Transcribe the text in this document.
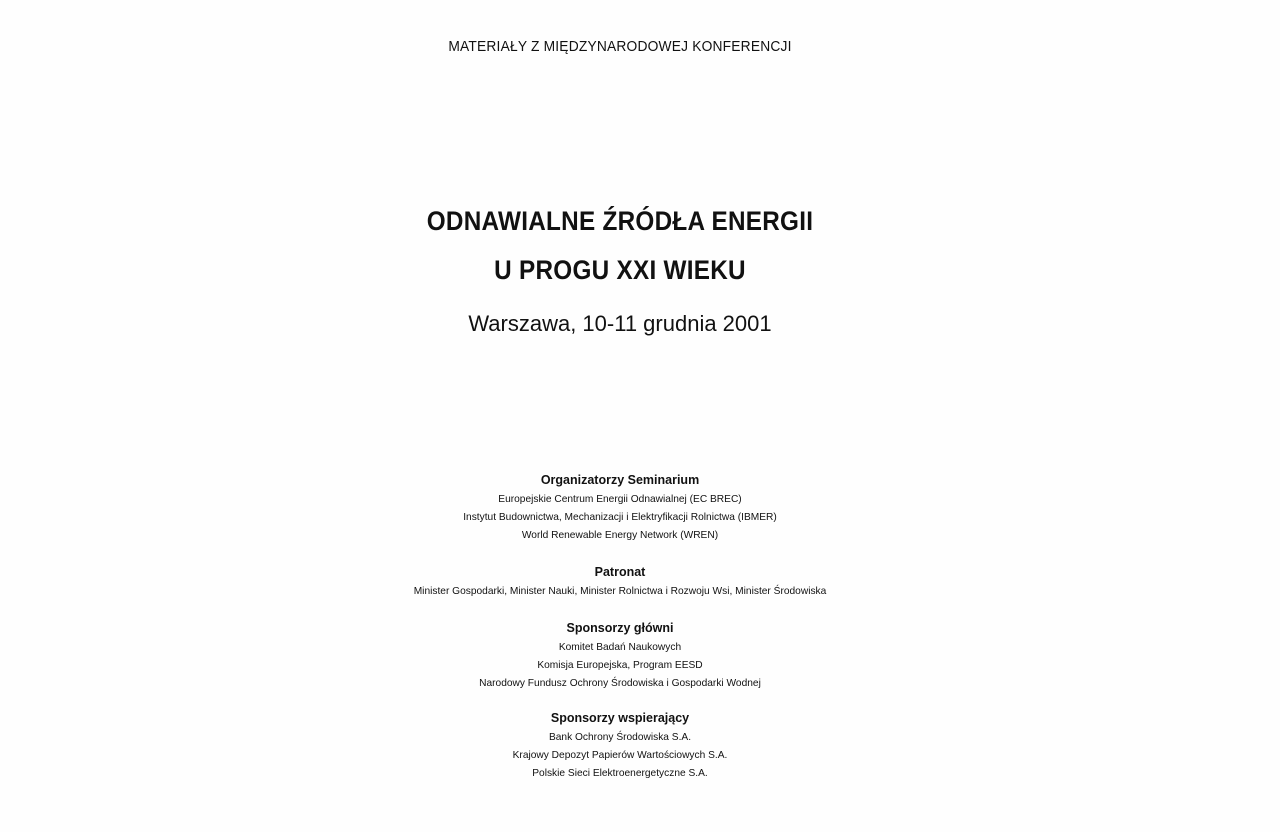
MATERIAŁY Z MIĘDZYNARODOWEJ KONFERENCJI
ODNAWIALNE ŹRÓDŁA ENERGII
U PROGU XXI WIEKU
Warszawa, 10-11 grudnia 2001
Organizatorzy Seminarium
Europejskie Centrum Energii Odnawialnej (EC BREC)
Instytut Budownictwa, Mechanizacji i Elektryfikacji Rolnictwa (IBMER)
World Renewable Energy Network (WREN)
Patronat
Minister Gospodarki, Minister Nauki, Minister Rolnictwa i Rozwoju Wsi, Minister Środowiska
Sponsorzy główni
Komitet Badań Naukowych
Komisja Europejska, Program EESD
Narodowy Fundusz Ochrony Środowiska i Gospodarki Wodnej
Sponsorzy wspierający
Bank Ochrony Środowiska S.A.
Krajowy Depozyt Papierów Wartościowych S.A.
Polskie Sieci Elektroenergetyczne S.A.
